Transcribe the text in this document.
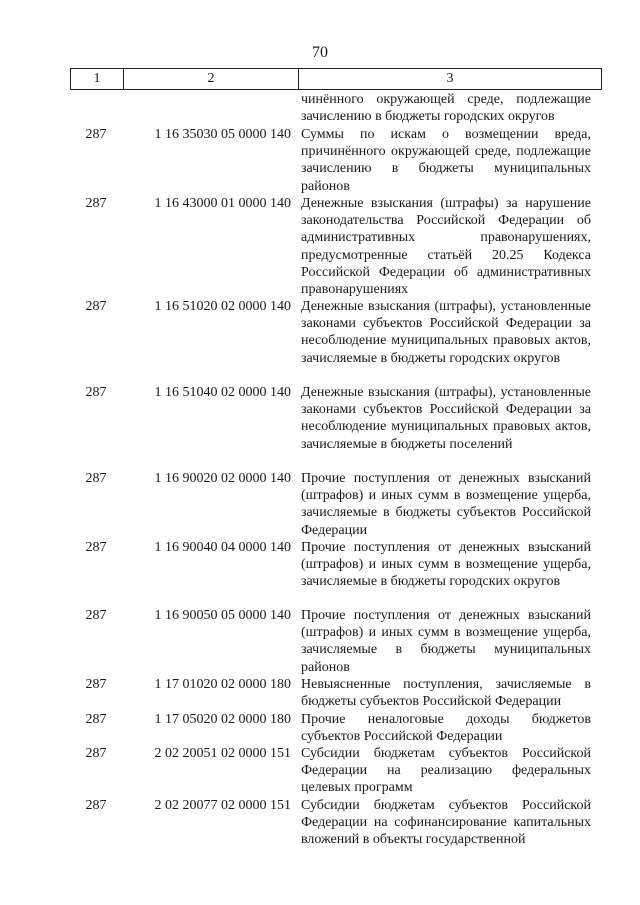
70
1	2	3
чинённого окружающей среде, подлежащие зачислению в бюджеты городских округов
287	1 16 35030 05 0000 140 Суммы по искам о возмещении вреда, причинённого окружающей среде, подлежащие зачислению в бюджеты муниципальных районов
287	1 16 43000 01 0000 140 Денежные взыскания (штрафы) за нарушение законодательства Российской Федерации об административных правонарушениях, предусмотренные статьёй 20.25 Кодекса Российской Федерации об административных правонарушениях
287	1 16 51020 02 0000 140 Денежные взыскания (штрафы), установленные законами субъектов Российской Федерации за несоблюдение муниципальных правовых актов, зачисляемые в бюджеты городских округов
287	1 16 51040 02 0000 140 Денежные взыскания (штрафы), установленные законами субъектов Российской Федерации за несоблюдение муниципальных правовых актов, зачисляемые в бюджеты поселений
287	1 16 90020 02 0000 140 Прочие поступления от денежных взысканий (штрафов) и иных сумм в возмещение ущерба, зачисляемые в бюджеты субъектов Российской Федерации
287	1 16 90040 04 0000 140 Прочие поступления от денежных взысканий (штрафов) и иных сумм в возмещение ущерба, зачисляемые в бюджеты городских округов
287	1 16 90050 05 0000 140 Прочие поступления от денежных взысканий (штрафов) и иных сумм в возмещение ущерба, зачисляемые в бюджеты муниципальных районов
287	1 17 01020 02 0000 180 Невыясненные поступления, зачисляемые в бюджеты субъектов Российской Федерации
287	1 17 05020 02 0000 180 Прочие неналоговые доходы бюджетов субъектов Российской Федерации
287	2 02 20051 02 0000 151 Субсидии бюджетам субъектов Российской Федерации на реализацию федеральных целевых программ
287	2 02 20077 02 0000 151 Субсидии бюджетам субъектов Российской Федерации на софинансирование капитальных вложений в объекты государственной
